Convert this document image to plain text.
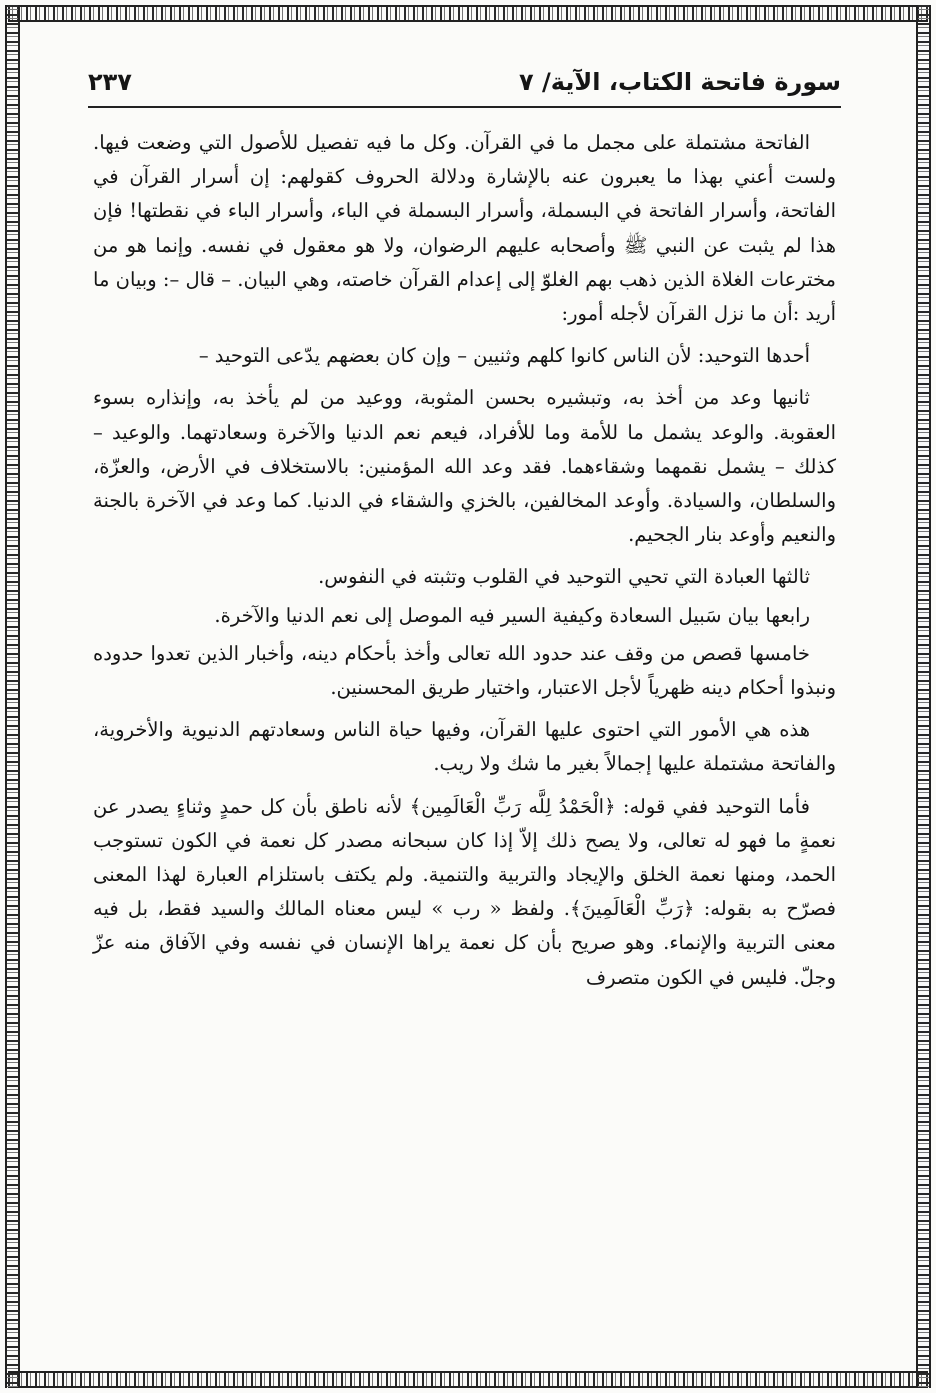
سورة فاتحة الكتاب، الآية/ ٧
٢٣٧

الفاتحة مشتملة على مجمل ما في القرآن. وكل ما فيه تفصيل للأصول التي وضعت فيها. ولست أعني بهذا ما يعبرون عنه بالإشارة ودلالة الحروف كقولهم: إن أسرار القرآن في الفاتحة، وأسرار الفاتحة في البسملة، وأسرار البسملة في الباء، وأسرار الباء في نقطتها! فإن هذا لم يثبت عن النبي ﷺ وأصحابه عليهم الرضوان، ولا هو معقول في نفسه. وإنما هو من مخترعات الغلاة الذين ذهب بهم الغلوّ إلى إعدام القرآن خاصته، وهي البيان. – قال –: وبيان ما أريد :أن ما نزل القرآن لأجله أمور:

أحدها التوحيد: لأن الناس كانوا كلهم وثنيين – وإن كان بعضهم يدّعى التوحيد –

ثانيها وعد من أخذ به، وتبشيره بحسن المثوبة، ووعيد من لم يأخذ به، وإنذاره بسوء العقوبة. والوعد يشمل ما للأمة وما للأفراد، فيعم نعم الدنيا والآخرة وسعادتهما. والوعيد – كذلك – يشمل نقمهما وشقاءهما. فقد وعد الله المؤمنين: بالاستخلاف في الأرض، والعزّة، والسلطان، والسيادة. وأوعد المخالفين، بالخزي والشقاء في الدنيا. كما وعد في الآخرة بالجنة والنعيم وأوعد بنار الجحيم.

ثالثها العبادة التي تحيي التوحيد في القلوب وتثبته في النفوس.

رابعها بيان سَبيل السعادة وكيفية السير فيه الموصل إلى نعم الدنيا والآخرة.

خامسها قصص من وقف عند حدود الله تعالى وأخذ بأحكام دينه، وأخبار الذين تعدوا حدوده ونبذوا أحكام دينه ظهرياً لأجل الاعتبار، واختيار طريق المحسنين.

هذه هي الأمور التي احتوى عليها القرآن، وفيها حياة الناس وسعادتهم الدنيوية والأخروية، والفاتحة مشتملة عليها إجمالاً بغير ما شك ولا ريب.

فأما التوحيد ففي قوله: ﴿الْحَمْدُ لِلَّه رَبِّ الْعَالَمِين﴾ لأنه ناطق بأن كل حمدٍ وثناءٍ يصدر عن نعمةٍ ما فهو له تعالى، ولا يصح ذلك إلاّ إذا كان سبحانه مصدر كل نعمة في الكون تستوجب الحمد، ومنها نعمة الخلق والإيجاد والتربية والتنمية. ولم يكتف باستلزام العبارة لهذا المعنى فصرّح به بقوله: ﴿رَبِّ الْعَالَمِينَ﴾. ولفظ « رب » ليس معناه المالك والسيد فقط، بل فيه معنى التربية والإنماء. وهو صريح بأن كل نعمة يراها الإنسان في نفسه وفي الآفاق منه عزّ وجلّ. فليس في الكون متصرف
